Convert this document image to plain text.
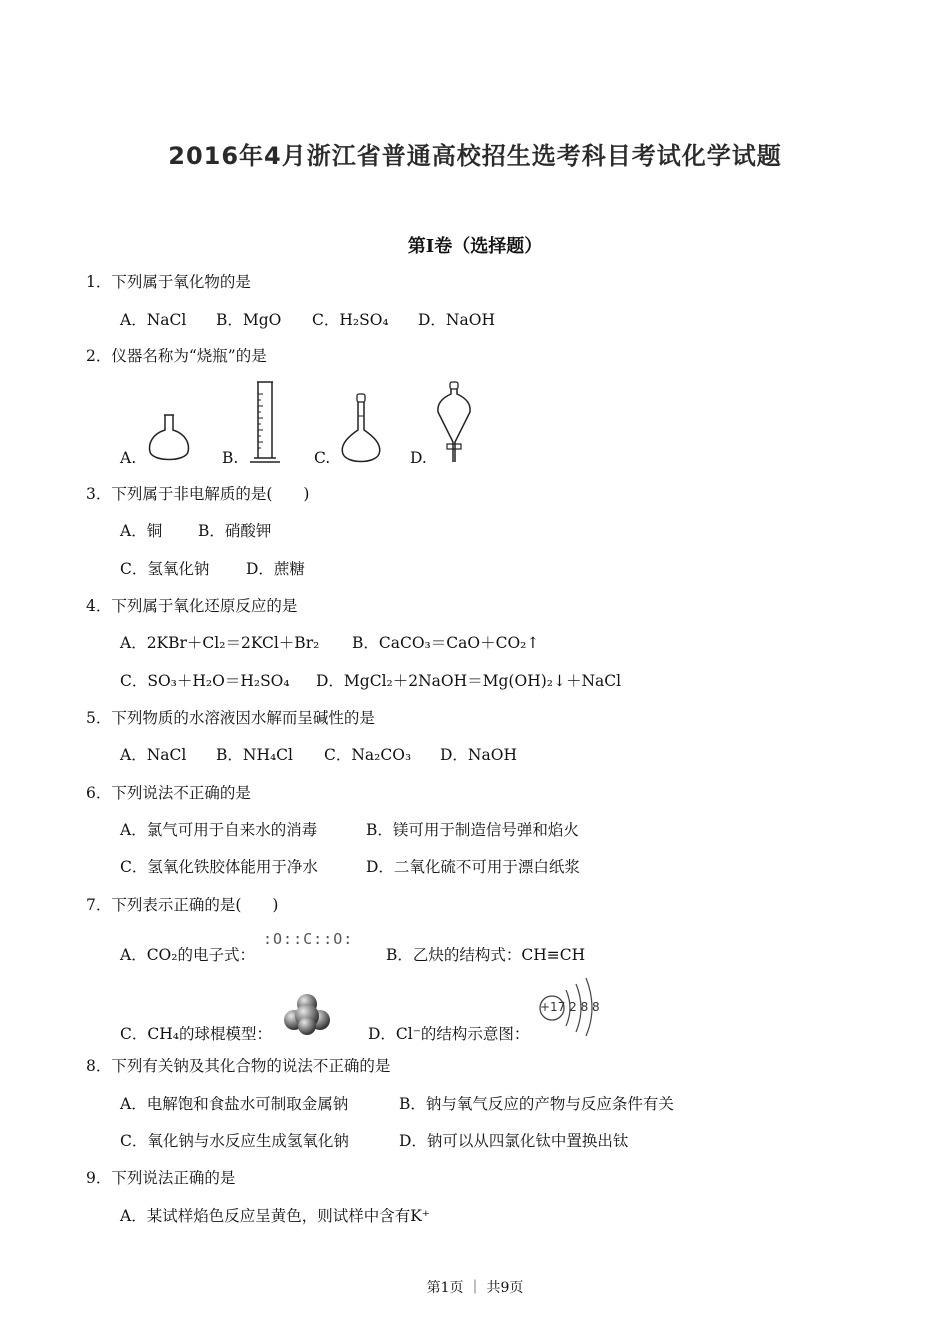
2016年4月浙江省普通高校招生选考科目考试化学试题
第I卷（选择题）
1．下列属于氧化物的是
A．NaCl B．MgO C．H₂SO₄ D．NaOH
2．仪器名称为“烧瓶”的是
A.	B.	C.	D.
3．下列属于非电解质的是(　　)
A．铜 B．硝酸钾
C．氢氧化钠 D．蔗糖
4．下列属于氧化还原反应的是
A．2KBr＋Cl₂＝2KCl＋Br₂ B．CaCO₃＝CaO＋CO₂↑
C．SO₃＋H₂O＝H₂SO₄ D．MgCl₂＋2NaOH＝Mg(OH)₂↓＋NaCl
5．下列物质的水溶液因水解而呈碱性的是
A．NaCl B．NH₄Cl C．Na₂CO₃ D．NaOH
6．下列说法不正确的是
A．氯气可用于自来水的消毒	B．镁可用于制造信号弹和焰火
C．氢氧化铁胶体能用于净水	D．二氧化硫不可用于漂白纸浆
7．下列表示正确的是(　　)
A．CO₂的电子式：
:O::C::O:
B．乙炔的结构式：CH≡CH
C．CH₄的球棍模型：	D．Cl⁻的结构示意图：
+17 2 8 8
8．下列有关钠及其化合物的说法不正确的是
A．电解饱和食盐水可制取金属钠	B．钠与氧气反应的产物与反应条件有关
C．氧化钠与水反应生成氢氧化钠	D．钠可以从四氯化钛中置换出钛
9．下列说法正确的是
A．某试样焰色反应呈黄色，则试样中含有K⁺
第1页 ｜ 共9页
